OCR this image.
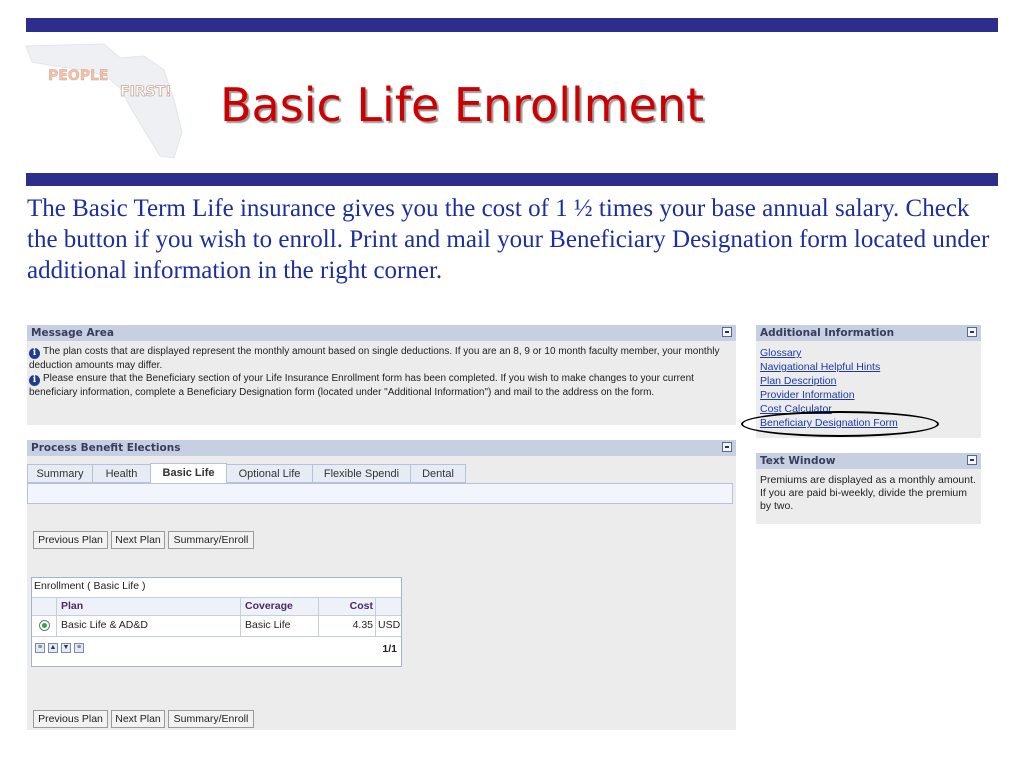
PEOPLE
FIRST! Basic Life Enrollment
The Basic Term Life insurance gives you the cost of 1 ½ times your base annual salary. Check the button if you wish to enroll. Print and mail your Beneficiary Designation form located under additional information in the right corner.
Message Area
i The plan costs that are displayed represent the monthly amount based on single deductions. If you are an 8, 9 or 10 month faculty member, your monthly deduction amounts may differ.
i Please ensure that the Beneficiary section of your Life Insurance Enrollment form has been completed. If you wish to make changes to your current beneficiary information, complete a Beneficiary Designation form (located under "Additional Information") and mail to the address on the form.
Process Benefit Elections
Summary	Health	Basic Life	Optional Life	Flexible Spendi	Dental
Previous Plan	Next Plan	Summary/Enroll
Enrollment ( Basic Life )
Plan	Coverage	Cost
Basic Life & AD&D	Basic Life	4.35 USD
≡	▲ ▼	≡	1/1
Previous Plan	Next Plan	Summary/Enroll
Additional Information
Glossary
Navigational Helpful Hints
Plan Description
Provider Information
Cost Calculator
Beneficiary Designation Form
Text Window
Premiums are displayed as a monthly amount. If you are paid bi-weekly, divide the premium by two.
